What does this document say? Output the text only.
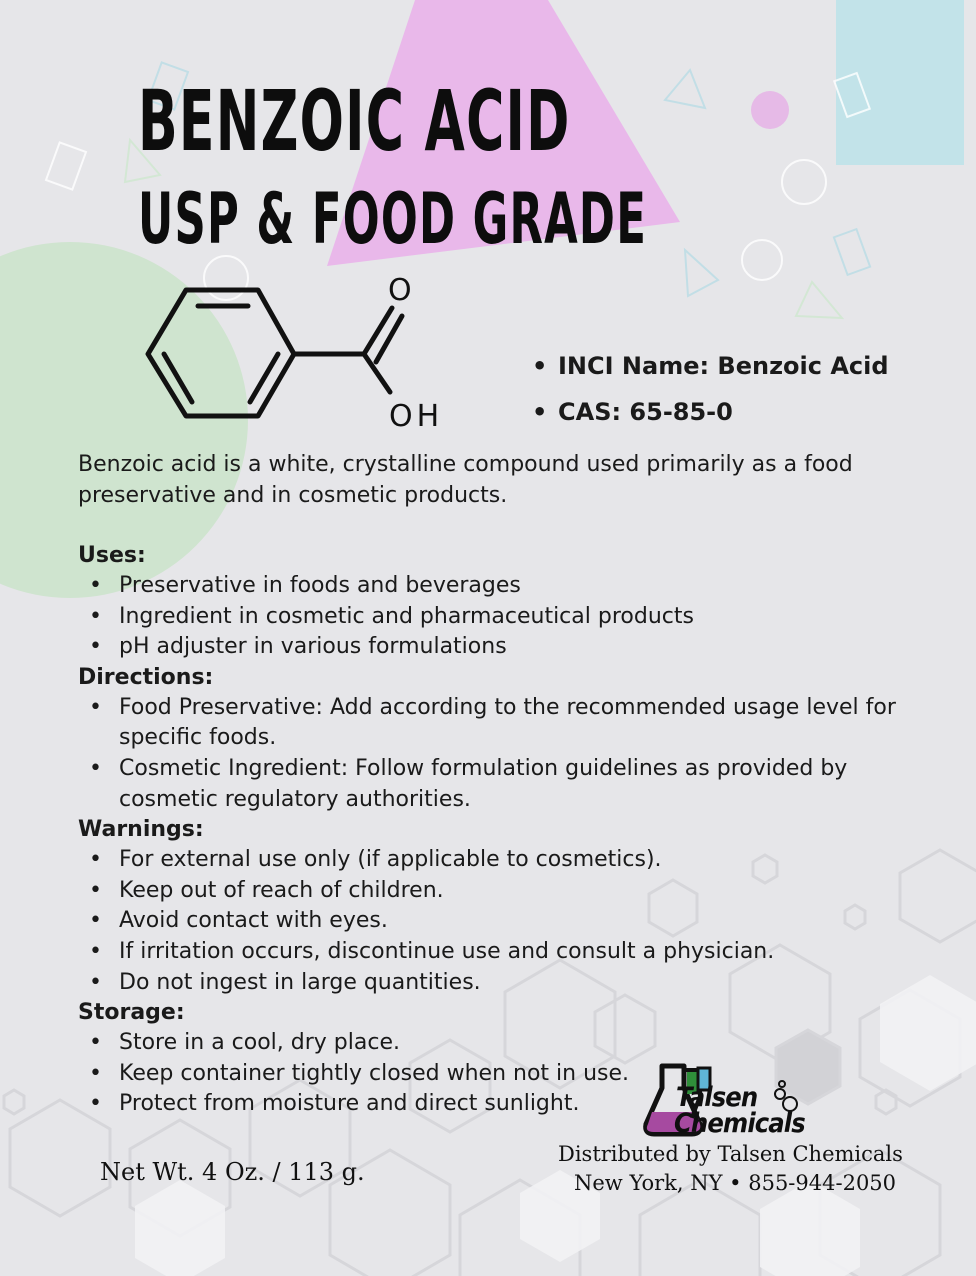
BENZOIC ACID
USP & FOOD GRADE
O
OH
• INCI Name: Benzoic Acid
• CAS: 65-85-0

Benzoic acid is a white, crystalline compound used primarily as a food preservative and in cosmetic products.

Uses:

• Preservative in foods and beverages
• Ingredient in cosmetic and pharmaceutical products
• pH adjuster in various formulations

Directions:

• Food Preservative: Add according to the recommended usage level for specific foods.
• Cosmetic Ingredient: Follow formulation guidelines as provided by cosmetic regulatory authorities.

Warnings:

• For external use only (if applicable to cosmetics).
• Keep out of reach of children.
• Avoid contact with eyes.
• If irritation occurs, discontinue use and consult a physician.
• Do not ingest in large quantities.

Storage:

• Store in a cool, dry place.
• Keep container tightly closed when not in use.
• Protect from moisture and direct sunlight.
Net Wt. 4 Oz. / 113 g.
Talsen
Chemicals
Distributed by Talsen Chemicals
New York, NY • 855-944-2050
